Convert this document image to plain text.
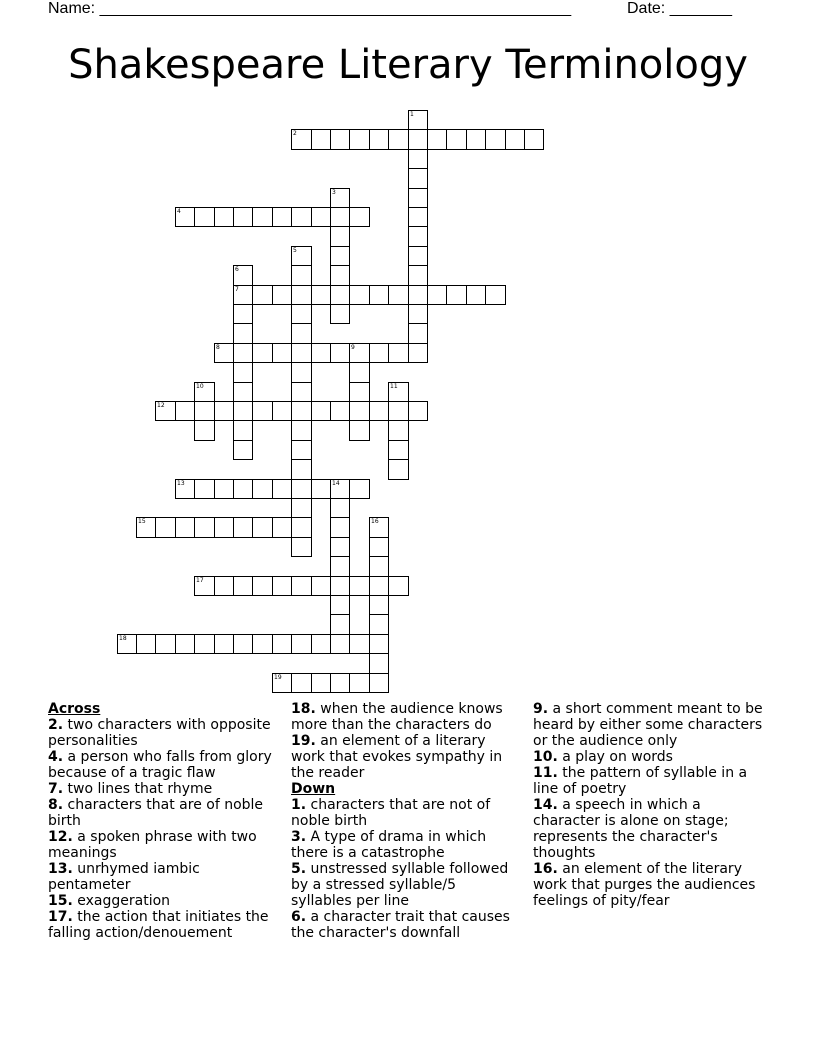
Name: _____________________________________________________	Date: _______
Shakespeare Literary Terminology
1
2
3
4
5
6
7
8	9
10	11
12
13	14
15	16
17
18
19
Across
2. two characters with opposite personalities
4. a person who falls from glory because of a tragic flaw
7. two lines that rhyme
8. characters that are of noble birth
12. a spoken phrase with two meanings
13. unrhymed iambic pentameter
15. exaggeration
17. the action that initiates the falling action/denouement
18. when the audience knows more than the characters do
19. an element of a literary work that evokes sympathy in the reader
Down
1. characters that are not of noble birth
3. A type of drama in which there is a catastrophe
5. unstressed syllable followed by a stressed syllable/5 syllables per line
6. a character trait that causes the character's downfall
9. a short comment meant to be heard by either some characters or the audience only
10. a play on words
11. the pattern of syllable in a line of poetry
14. a speech in which a character is alone on stage; represents the character's thoughts
16. an element of the literary work that purges the audiences feelings of pity/fear
